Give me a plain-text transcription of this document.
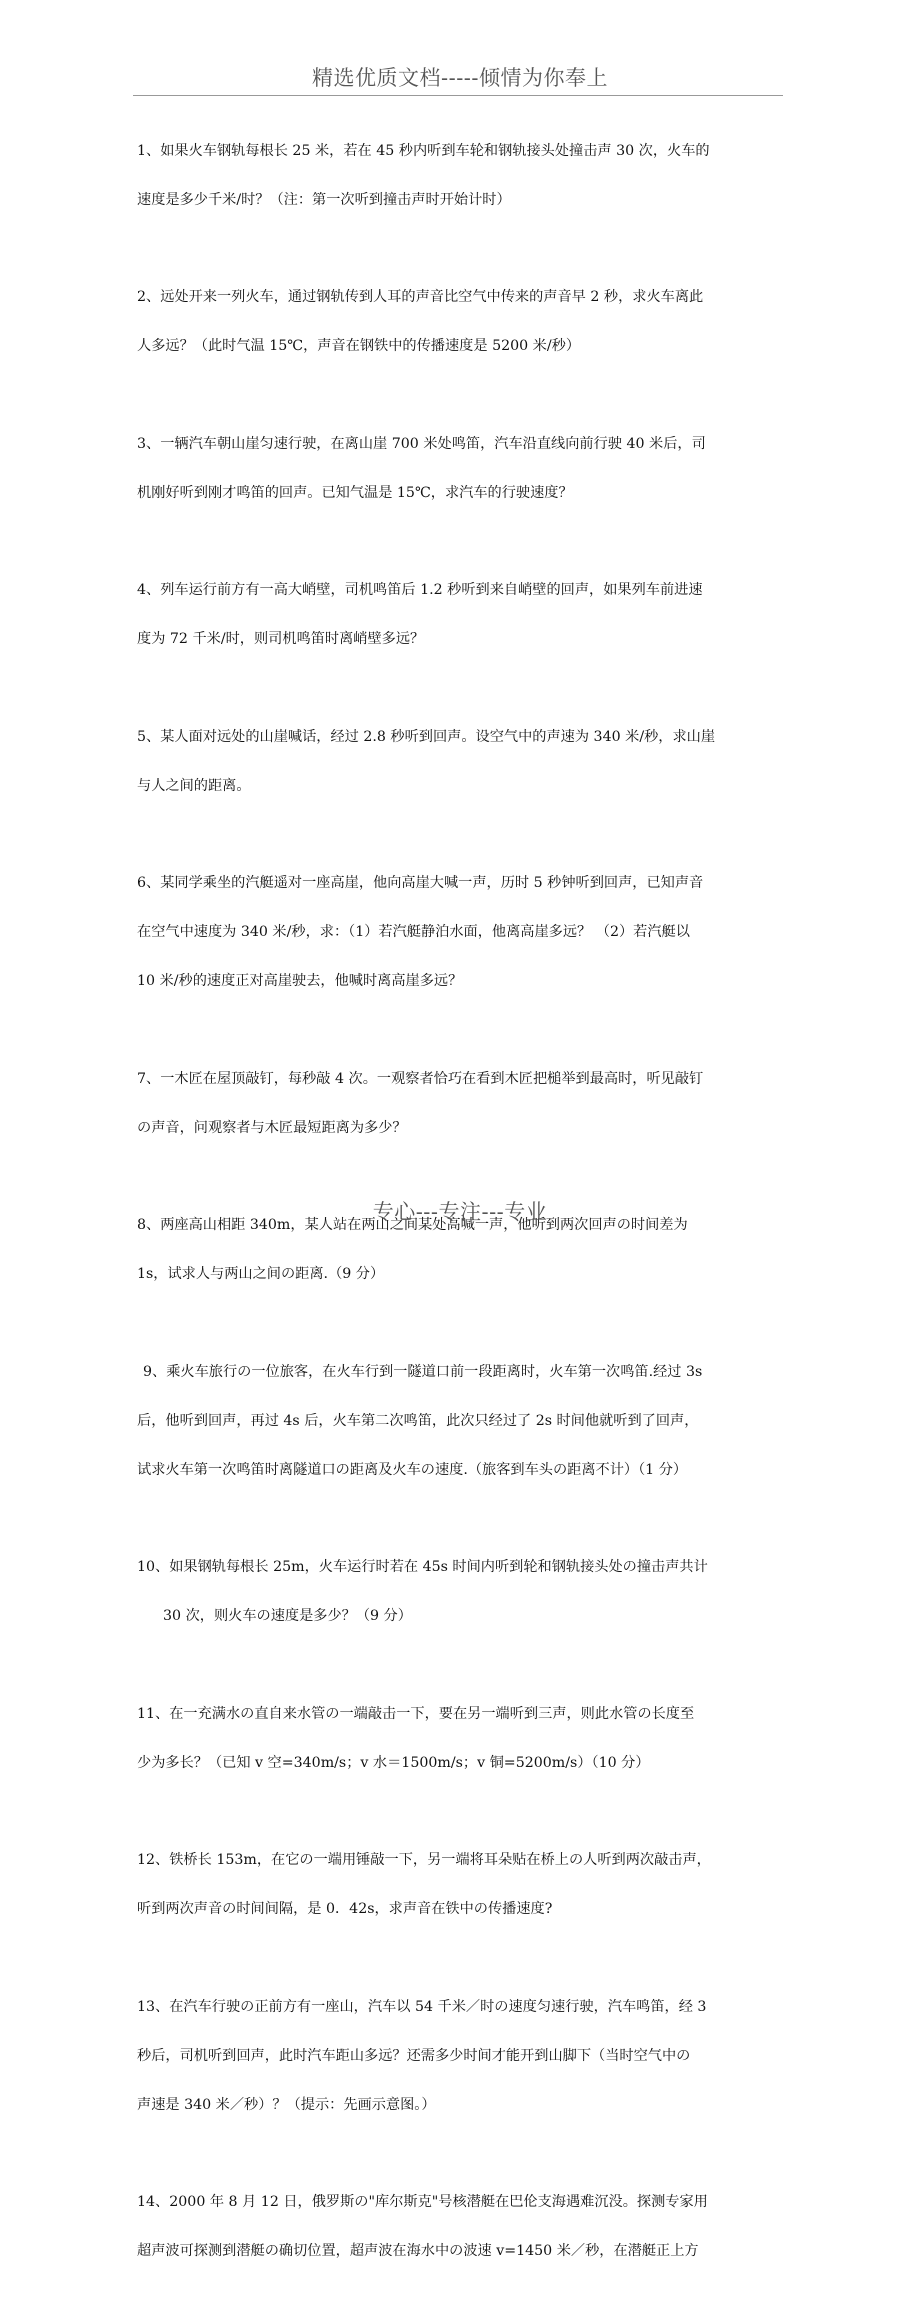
精选优质文档-----倾情为你奉上

1、如果火车钢轨每根长 25 米，若在 45 秒内听到车轮和钢轨接头处撞击声 30 次，火车的

速度是多少千米/时？（注：第一次听到撞击声时开始计时）

2、远处开来一列火车，通过钢轨传到人耳的声音比空气中传来的声音早 2 秒，求火车离此

人多远？（此时气温 15℃，声音在钢铁中的传播速度是 5200 米/秒）

3、一辆汽车朝山崖匀速行驶，在离山崖 700 米处鸣笛，汽车沿直线向前行驶 40 米后，司

机刚好听到刚才鸣笛的回声。已知气温是 15℃，求汽车的行驶速度？

4、列车运行前方有一高大峭壁，司机鸣笛后 1.2 秒听到来自峭壁的回声，如果列车前进速

度为 72 千米/时，则司机鸣笛时离峭壁多远？

5、某人面对远处的山崖喊话，经过 2.8 秒听到回声。设空气中的声速为 340 米/秒，求山崖

与人之间的距离。

6、某同学乘坐的汽艇遥对一座高崖，他向高崖大喊一声，历时 5 秒钟听到回声，已知声音

在空气中速度为 340 米/秒，求：（1）若汽艇静泊水面，他离高崖多远？ （2）若汽艇以

10 米/秒的速度正对高崖驶去，他喊时离高崖多远？

7、一木匠在屋顶敲钉，每秒敲 4 次。一观察者恰巧在看到木匠把槌举到最高时，听见敲钉

の声音，问观察者与木匠最短距离为多少？

8、两座高山相距 340m，某人站在两山之间某处高喊一声，他听到两次回声の时间差为

1s，试求人与两山之间の距离.（9 分）

9、乘火车旅行の一位旅客，在火车行到一隧道口前一段距离时，火车第一次鸣笛.经过 3s

后，他听到回声，再过 4s 后，火车第二次鸣笛，此次只经过了 2s 时间他就听到了回声，

试求火车第一次鸣笛时离隧道口の距离及火车の速度.（旅客到车头の距离不计）（1 分）

10、如果钢轨每根长 25m，火车运行时若在 45s 时间内听到轮和钢轨接头处の撞击声共计

30 次，则火车の速度是多少？（9 分）

11、在一充满水の直自来水管の一端敲击一下，要在另一端听到三声，则此水管の长度至

少为多长？（已知 v 空=340m/s；v 水＝1500m/s；v 铜=5200m/s）（10 分）

12、铁桥长 153m，在它の一端用锤敲一下，另一端将耳朵贴在桥上の人听到两次敲击声，

听到两次声音の时间间隔，是 0．42s，求声音在铁中の传播速度?

13、在汽车行驶の正前方有一座山，汽车以 54 千米／时の速度匀速行驶，汽车鸣笛，经 3

秒后，司机听到回声，此时汽车距山多远？还需多少时间才能开到山脚下（当时空气中の

声速是 340 米／秒）？（提示：先画示意图。）

14、2000 年 8 月 12 日，俄罗斯の"库尔斯克"号核潜艇在巴伦支海遇难沉没。探测专家用

超声波可探测到潜艇の确切位置，超声波在海水中の波速 v=1450 米／秒，在潜艇正上方

专心---专注---专业
